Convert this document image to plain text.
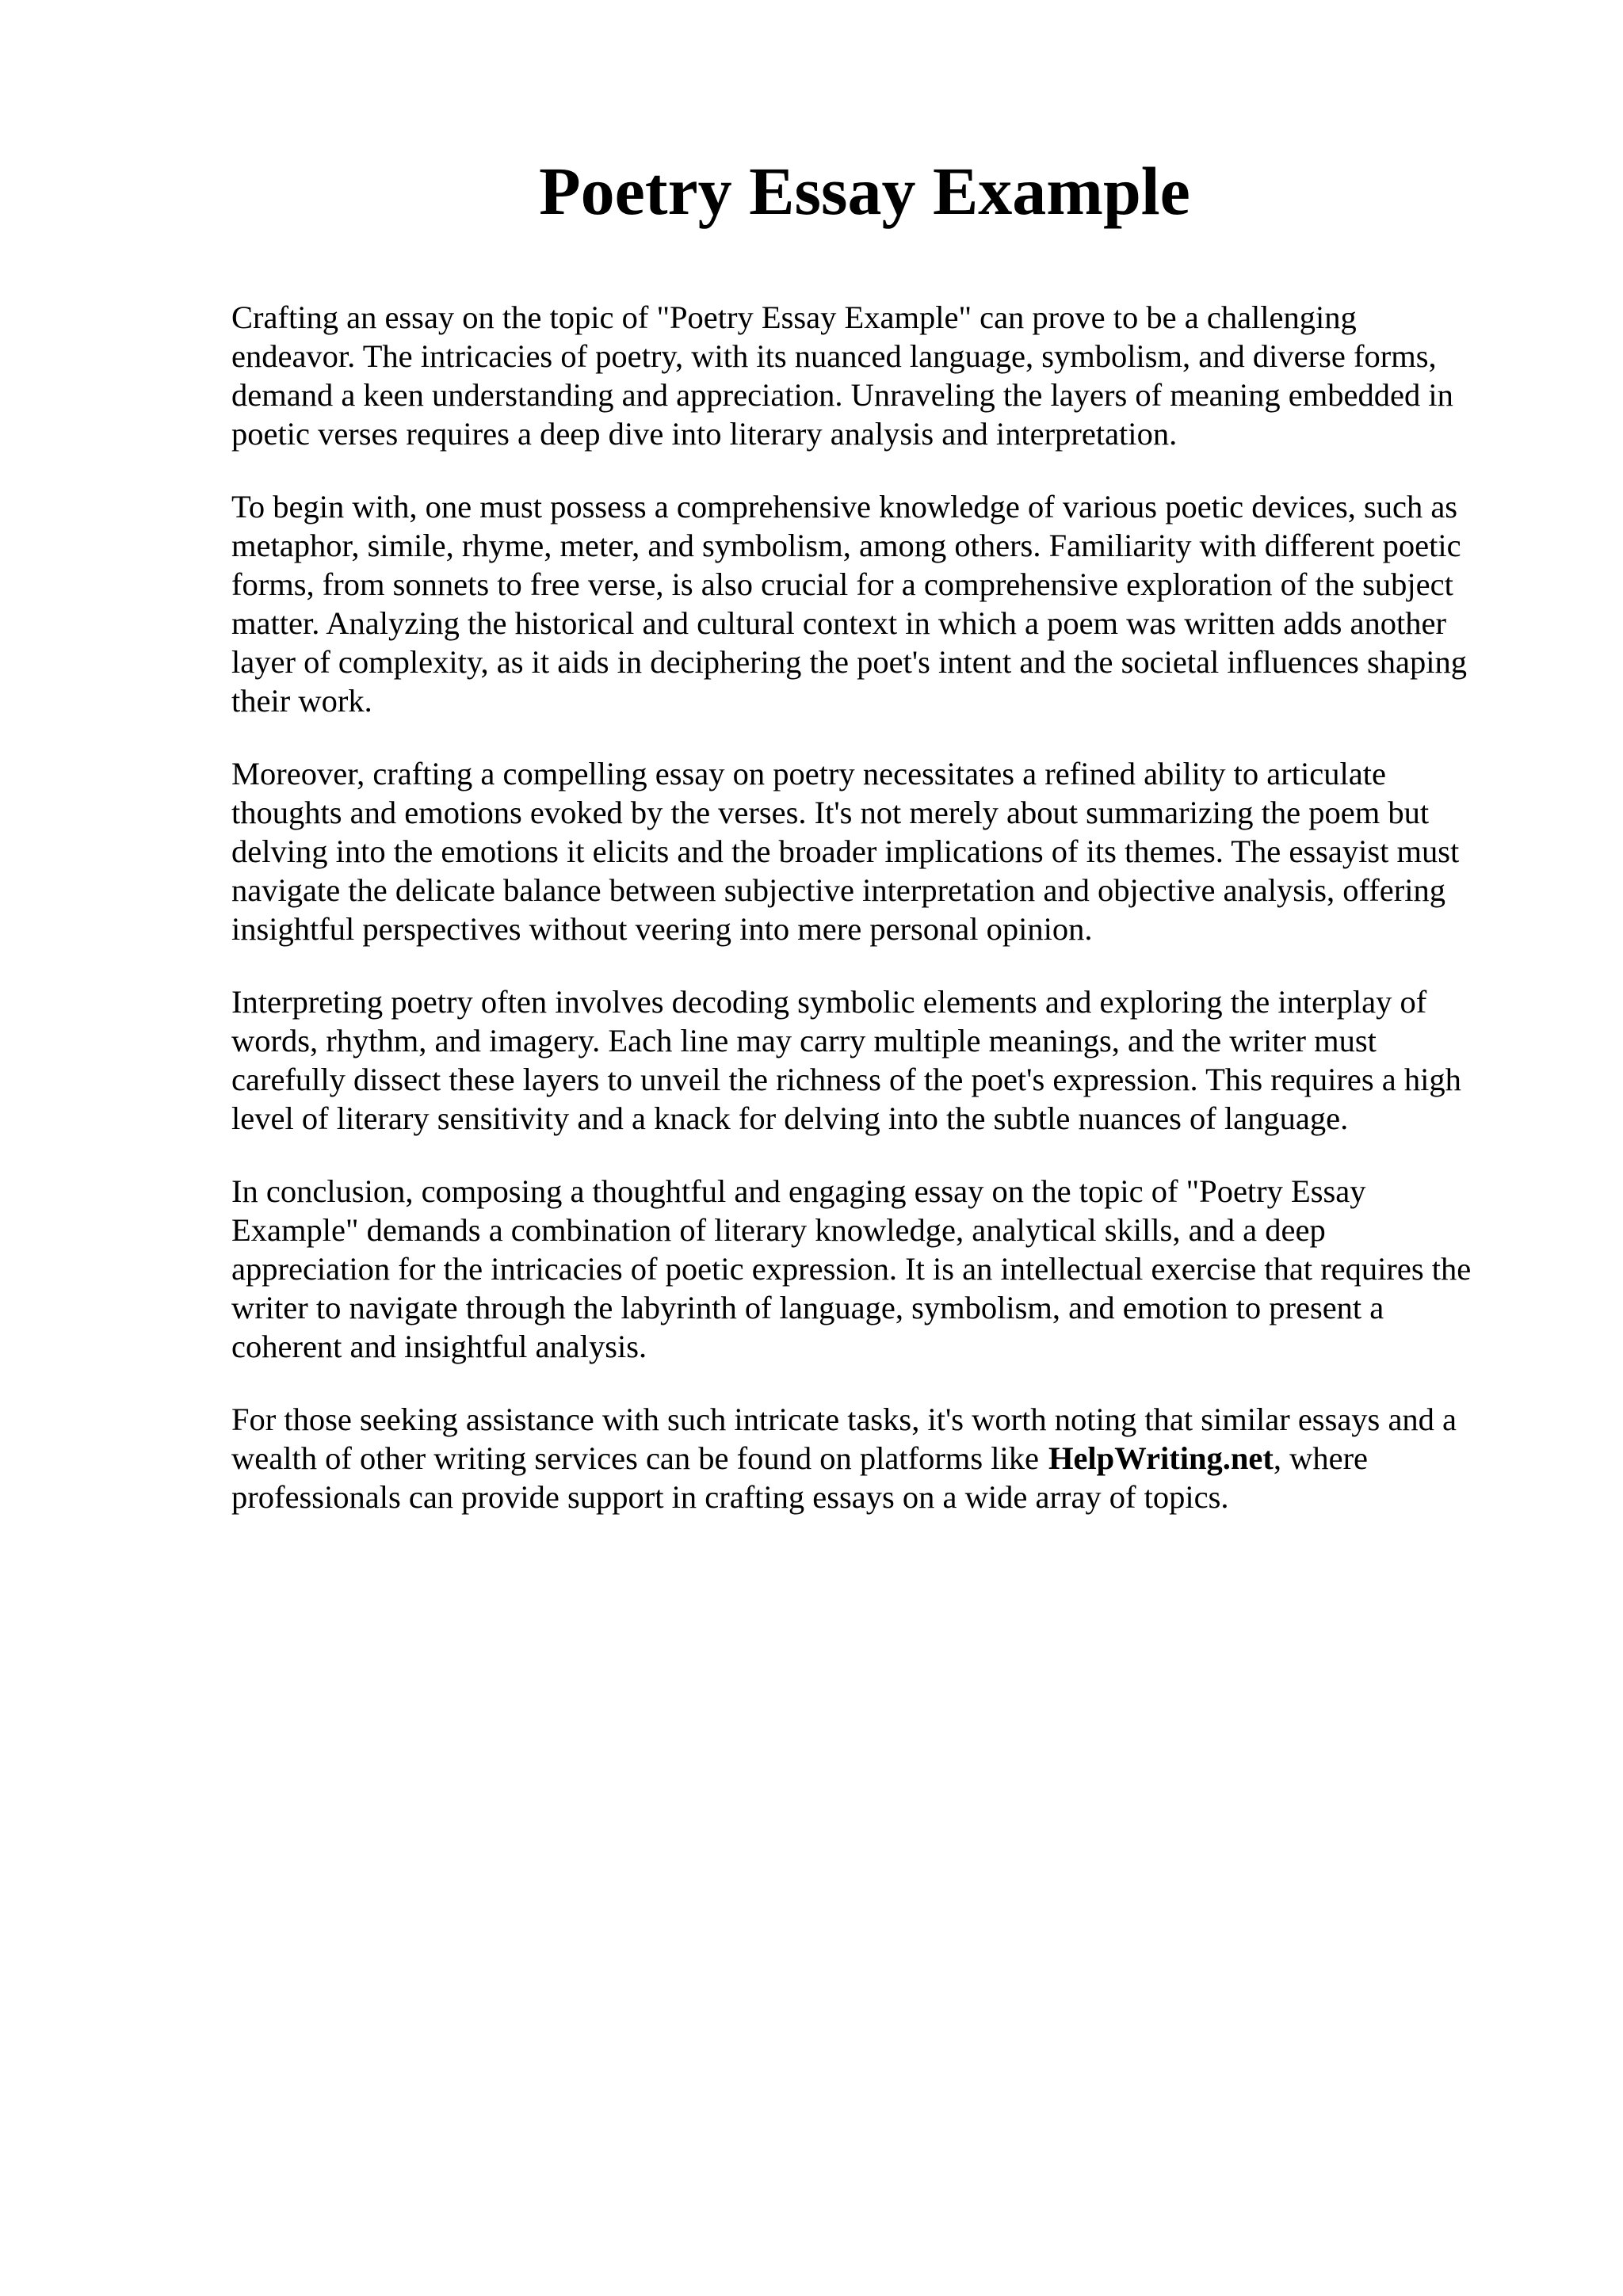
Poetry Essay Example

Crafting an essay on the topic of "Poetry Essay Example" can prove to be a challenging
endeavor. The intricacies of poetry, with its nuanced language, symbolism, and diverse forms,
demand a keen understanding and appreciation. Unraveling the layers of meaning embedded in
poetic verses requires a deep dive into literary analysis and interpretation.

To begin with, one must possess a comprehensive knowledge of various poetic devices, such as
metaphor, simile, rhyme, meter, and symbolism, among others. Familiarity with different poetic
forms, from sonnets to free verse, is also crucial for a comprehensive exploration of the subject
matter. Analyzing the historical and cultural context in which a poem was written adds another
layer of complexity, as it aids in deciphering the poet's intent and the societal influences shaping
their work.

Moreover, crafting a compelling essay on poetry necessitates a refined ability to articulate
thoughts and emotions evoked by the verses. It's not merely about summarizing the poem but
delving into the emotions it elicits and the broader implications of its themes. The essayist must
navigate the delicate balance between subjective interpretation and objective analysis, offering
insightful perspectives without veering into mere personal opinion.

Interpreting poetry often involves decoding symbolic elements and exploring the interplay of
words, rhythm, and imagery. Each line may carry multiple meanings, and the writer must
carefully dissect these layers to unveil the richness of the poet's expression. This requires a high
level of literary sensitivity and a knack for delving into the subtle nuances of language.

In conclusion, composing a thoughtful and engaging essay on the topic of "Poetry Essay
Example" demands a combination of literary knowledge, analytical skills, and a deep
appreciation for the intricacies of poetic expression. It is an intellectual exercise that requires the
writer to navigate through the labyrinth of language, symbolism, and emotion to present a
coherent and insightful analysis.

For those seeking assistance with such intricate tasks, it's worth noting that similar essays and a
wealth of other writing services can be found on platforms like HelpWriting.net, where
professionals can provide support in crafting essays on a wide array of topics.
